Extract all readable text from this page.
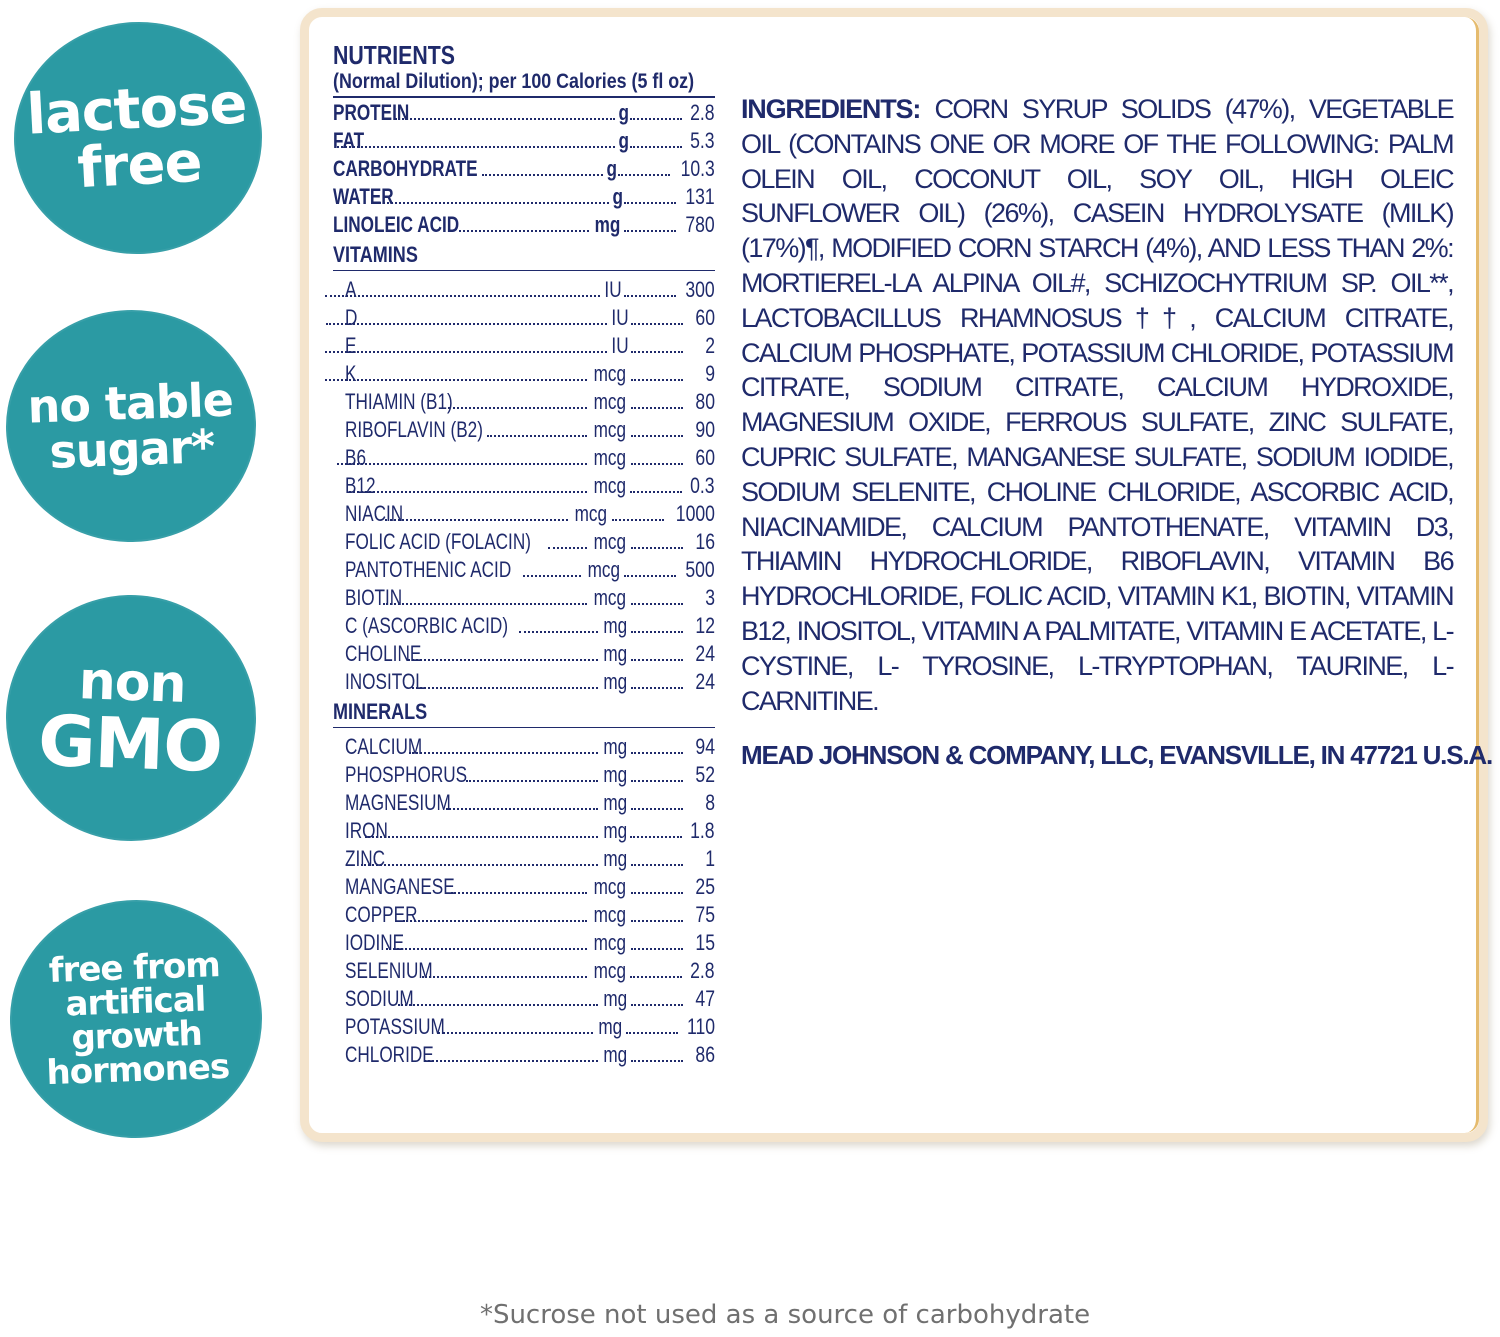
lactose
free
no table
sugar*
non
GMO
free from
artifical
growth
hormones
NUTRIENTS
(Normal Dilution); per 100 Calories (5 fl oz)
PROTEIN	g	2.8
FAT	g	5.3
CARBOHYDRATE	g	10.3
WATER	g	131
LINOLEIC ACID	mg	780
VITAMINS
A	IU	300
D	IU	60
E	IU	2
K	mcg	9
THIAMIN (B1)	mcg	80
RIBOFLAVIN (B2)	mcg	90
B6	mcg	60
B12	mcg	0.3
NIACIN	mcg	1000
FOLIC ACID (FOLACIN)	mcg	16
PANTOTHENIC ACID	mcg	500
BIOTIN	mcg	3
C (ASCORBIC ACID)	mg	12
CHOLINE	mg	24
INOSITOL	mg	24
MINERALS
CALCIUM	mg	94
PHOSPHORUS	mg	52
MAGNESIUM	mg	8
IRON	mg	1.8
ZINC	mg	1
MANGANESE	mcg	25
COPPER	mcg	75
IODINE	mcg	15
SELENIUM	mcg	2.8
SODIUM	mg	47
POTASSIUM	mg	110
CHLORIDE	mg	86
INGREDIENTS: CORN SYRUP SOLIDS (47%), VEGETABLE OIL (CONTAINS ONE OR MORE OF THE FOLLOWING: PALM OLEIN OIL, COCONUT OIL, SOY OIL, HIGH OLEIC SUNFLOWER OIL) (26%), CASEIN HYDROLYSATE (MILK) (17%)¶, MODIFIED CORN STARCH (4%), AND LESS THAN 2%: MORTIEREL-LA ALPINA OIL#, SCHIZOCHYTRIUM SP. OIL**, LACTOBACILLUS RHAMNOSUS††, CALCIUM CITRATE, CALCIUM PHOSPHATE, POTASSIUM CHLORIDE, POTASSIUM CITRATE, SODIUM CITRATE, CALCIUM HYDROXIDE, MAGNESIUM OXIDE, FERROUS SULFATE, ZINC SULFATE, CUPRIC SULFATE, MANGANESE SULFATE, SODIUM IODIDE, SODIUM SELENITE, CHOLINE CHLORIDE, ASCORBIC ACID, NIACINAMIDE, CALCIUM PANTOTHENATE, VITAMIN D3, THIAMIN HYDROCHLORIDE, RIBOFLAVIN, VITAMIN B6 HYDROCHLORIDE, FOLIC ACID, VITAMIN K1, BIOTIN, VITAMIN B12, INOSITOL, VITAMIN A PALMITATE, VITAMIN E ACETATE, L-CYSTINE, L- TYROSINE, L-TRYPTOPHAN, TAURINE, L-CARNITINE.
MEAD JOHNSON & COMPANY, LLC, EVANSVILLE, IN 47721 U.S.A.
*Sucrose not used as a source of carbohydrate
